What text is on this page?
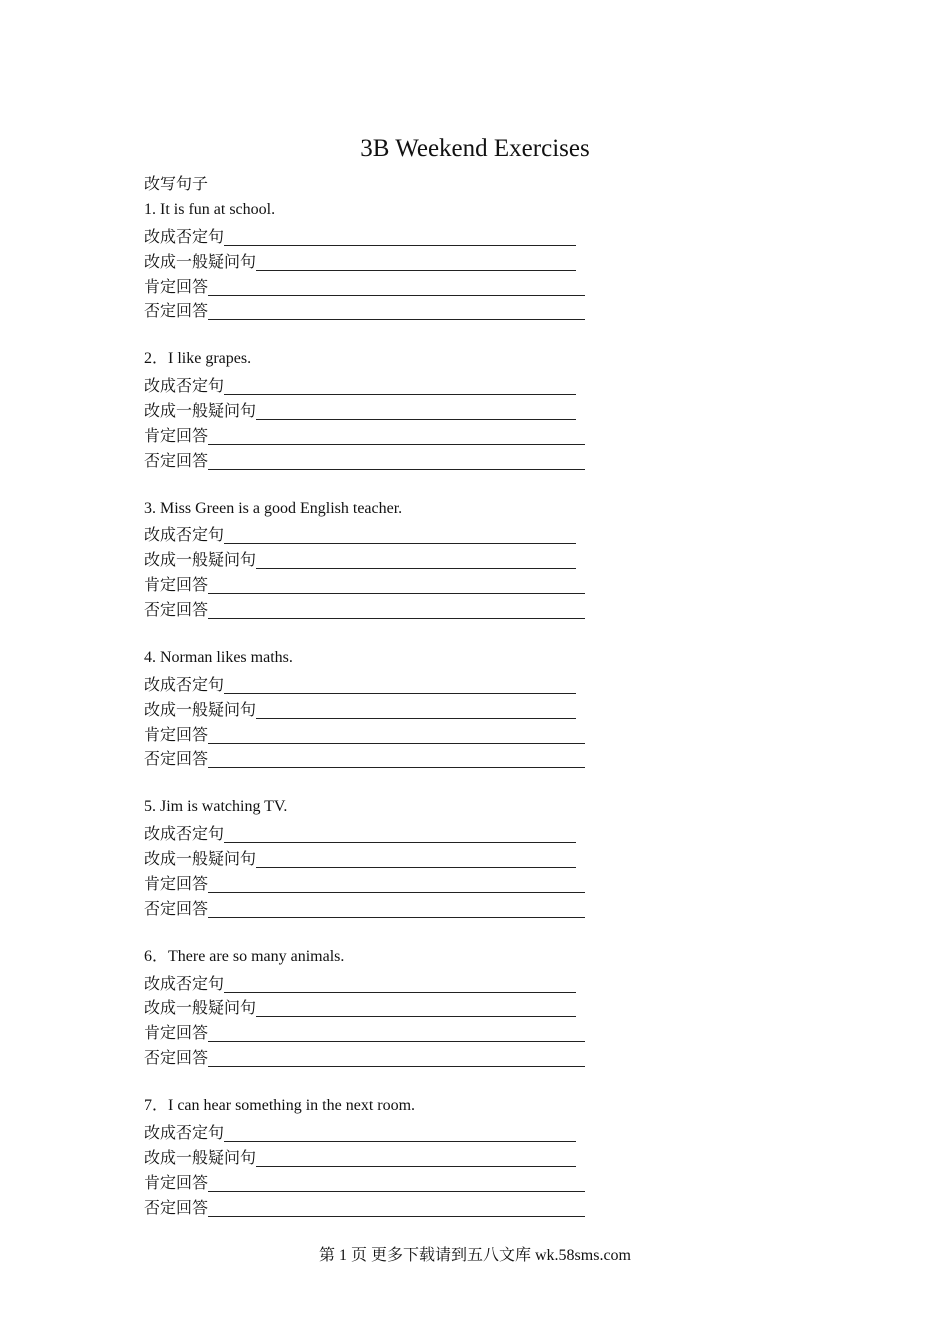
3B Weekend Exercises
改写句子
1. It is fun at school.
改成否定句
改成一般疑问句
肯定回答
否定回答
2．I like grapes.
改成否定句
改成一般疑问句
肯定回答
否定回答
3. Miss Green is a good English teacher.
改成否定句
改成一般疑问句
肯定回答
否定回答
4. Norman likes maths.
改成否定句
改成一般疑问句
肯定回答
否定回答
5. Jim is watching TV.
改成否定句
改成一般疑问句
肯定回答
否定回答
6．There are so many animals.
改成否定句
改成一般疑问句
肯定回答
否定回答
7．I can hear something in the next room.
改成否定句
改成一般疑问句
肯定回答
否定回答
第 1 页 更多下载请到五八文库 wk.58sms.com
